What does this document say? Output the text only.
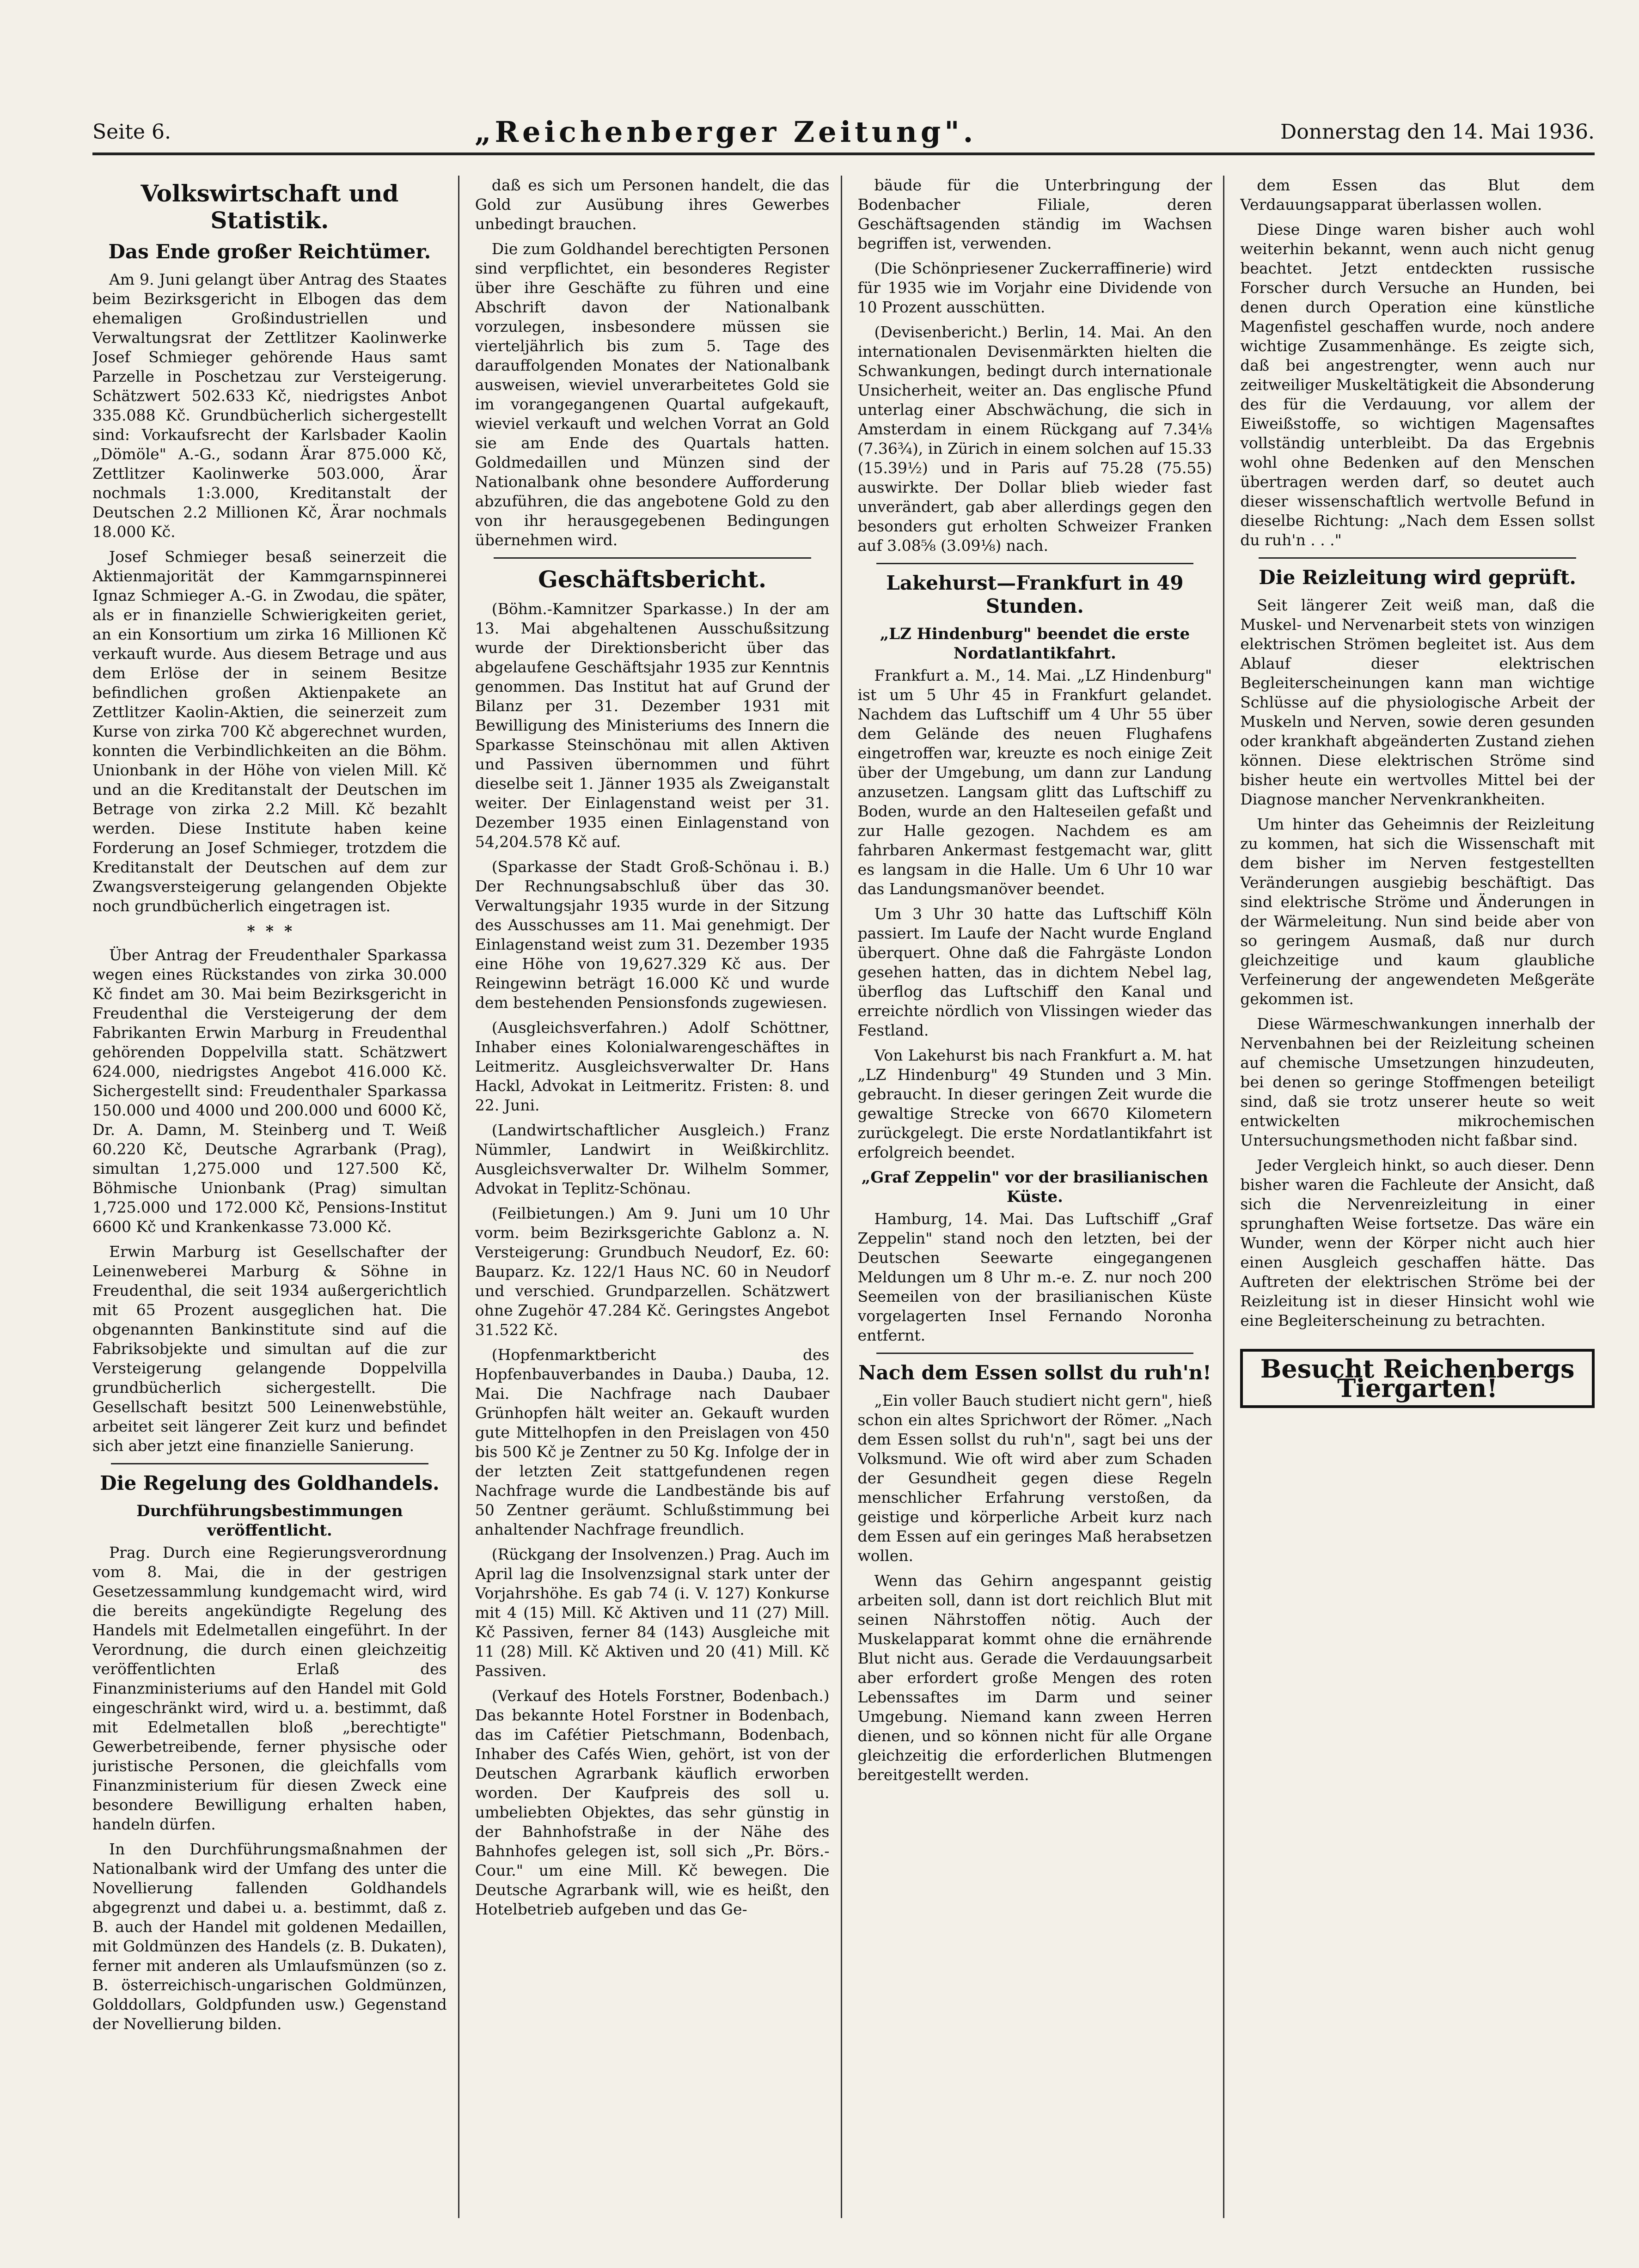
Seite 6.	„Reichenberger Zeitung".	Donnerstag den 14. Mai 1936.
Volkswirtschaft und Statistik.
Das Ende großer Reichtümer.

Am 9. Juni gelangt über Antrag des Staates beim Bezirksgericht in Elbogen das dem ehemaligen Großindustriellen und Verwaltungsrat der Zettlitzer Kaolinwerke Josef Schmieger gehörende Haus samt Parzelle in Poschetzau zur Versteigerung. Schätzwert 502.633 Kč, niedrigstes Anbot 335.088 Kč. Grundbücherlich sichergestellt sind: Vorkaufsrecht der Karlsbader Kaolin „Dömöle" A.-G., sodann Ärar 875.000 Kč, Zettlitzer Kaolinwerke 503.000, Ärar nochmals 1:3.000, Kreditanstalt der Deutschen 2.2 Millionen Kč, Ärar nochmals 18.000 Kč.

Josef Schmieger besaß seinerzeit die Aktienmajorität der Kammgarnspinnerei Ignaz Schmieger A.-G. in Zwodau, die später, als er in finanzielle Schwierigkeiten geriet, an ein Konsortium um zirka 16 Millionen Kč verkauft wurde. Aus diesem Betrage und aus dem Erlöse der in seinem Besitze befindlichen großen Aktienpakete an Zettlitzer Kaolin-Aktien, die seinerzeit zum Kurse von zirka 700 Kč abgerechnet wurden, konnten die Verbindlichkeiten an die Böhm. Unionbank in der Höhe von vielen Mill. Kč und an die Kreditanstalt der Deutschen im Betrage von zirka 2.2 Mill. Kč bezahlt werden. Diese Institute haben keine Forderung an Josef Schmieger, trotzdem die Kreditanstalt der Deutschen auf dem zur Zwangsversteigerung gelangenden Objekte noch grundbücherlich eingetragen ist.

*  *  *

Über Antrag der Freudenthaler Sparkassa wegen eines Rückstandes von zirka 30.000 Kč findet am 30. Mai beim Bezirksgericht in Freudenthal die Versteigerung der dem Fabrikanten Erwin Marburg in Freudenthal gehörenden Doppelvilla statt. Schätzwert 624.000, niedrigstes Angebot 416.000 Kč. Sichergestellt sind: Freudenthaler Sparkassa 150.000 und 4000 und 200.000 und 6000 Kč, Dr. A. Damn, M. Steinberg und T. Weiß 60.220 Kč, Deutsche Agrarbank (Prag), simultan 1,275.000 und 127.500 Kč, Böhmische Unionbank (Prag) simultan 1,725.000 und 172.000 Kč, Pensions-Institut 6600 Kč und Krankenkasse 73.000 Kč.

Erwin Marburg ist Gesellschafter der Leinenweberei Marburg & Söhne in Freudenthal, die seit 1934 außergerichtlich mit 65 Prozent ausgeglichen hat. Die obgenannten Bankinstitute sind auf die Fabriksobjekte und simultan auf die zur Versteigerung gelangende Doppelvilla grundbücherlich sichergestellt. Die Gesellschaft besitzt 500 Leinenwebstühle, arbeitet seit längerer Zeit kurz und befindet sich aber jetzt eine finanzielle Sanierung.

Die Regelung des Goldhandels.
Durchführungsbestimmungen veröffentlicht.

Prag. Durch eine Regierungsverordnung vom 8. Mai, die in der gestrigen Gesetzessammlung kundgemacht wird, wird die bereits angekündigte Regelung des Handels mit Edelmetallen eingeführt. In der Verordnung, die durch einen gleichzeitig veröffentlichten Erlaß des Finanzministeriums auf den Handel mit Gold eingeschränkt wird, wird u. a. bestimmt, daß mit Edelmetallen bloß „berechtigte" Gewerbetreibende, ferner physische oder juristische Personen, die gleichfalls vom Finanzministerium für diesen Zweck eine besondere Bewilligung erhalten haben, handeln dürfen.

In den Durchführungsmaßnahmen der Nationalbank wird der Umfang des unter die Novellierung fallenden Goldhandels abgegrenzt und dabei u. a. bestimmt, daß z. B. auch der Handel mit goldenen Medaillen, mit Goldmünzen des Handels (z. B. Dukaten), ferner mit anderen als Umlaufsmünzen (so z. B. österreichisch-ungarischen Goldmünzen, Golddollars, Goldpfunden usw.) Gegenstand der Novellierung bilden.

daß es sich um Personen handelt, die das Gold zur Ausübung ihres Gewerbes unbedingt brauchen.

Die zum Goldhandel berechtigten Personen sind verpflichtet, ein besonderes Register über ihre Geschäfte zu führen und eine Abschrift davon der Nationalbank vorzulegen, insbesondere müssen sie vierteljährlich bis zum 5. Tage des darauffolgenden Monates der Nationalbank ausweisen, wieviel unverarbeitetes Gold sie im vorangegangenen Quartal aufgekauft, wieviel verkauft und welchen Vorrat an Gold sie am Ende des Quartals hatten. Goldmedaillen und Münzen sind der Nationalbank ohne besondere Aufforderung abzuführen, die das angebotene Gold zu den von ihr herausgegebenen Bedingungen übernehmen wird.

Geschäftsbericht.

(Böhm.-Kamnitzer Sparkasse.) In der am 13. Mai abgehaltenen Ausschußsitzung wurde der Direktionsbericht über das abgelaufene Geschäftsjahr 1935 zur Kenntnis genommen. Das Institut hat auf Grund der Bilanz per 31. Dezember 1931 mit Bewilligung des Ministeriums des Innern die Sparkasse Steinschönau mit allen Aktiven und Passiven übernommen und führt dieselbe seit 1. Jänner 1935 als Zweiganstalt weiter. Der Einlagenstand weist per 31. Dezember 1935 einen Einlagenstand von 54,204.578 Kč auf.

(Sparkasse der Stadt Groß-Schönau i. B.) Der Rechnungsabschluß über das 30. Verwaltungsjahr 1935 wurde in der Sitzung des Ausschusses am 11. Mai genehmigt. Der Einlagenstand weist zum 31. Dezember 1935 eine Höhe von 19,627.329 Kč aus. Der Reingewinn beträgt 16.000 Kč und wurde dem bestehenden Pensionsfonds zugewiesen.

(Ausgleichsverfahren.) Adolf Schöttner, Inhaber eines Kolonialwarengeschäftes in Leitmeritz. Ausgleichsverwalter Dr. Hans Hackl, Advokat in Leitmeritz. Fristen: 8. und 22. Juni.

(Landwirtschaftlicher Ausgleich.) Franz Nümmler, Landwirt in Weißkirchlitz. Ausgleichsverwalter Dr. Wilhelm Sommer, Advokat in Teplitz-Schönau.

(Feilbietungen.) Am 9. Juni um 10 Uhr vorm. beim Bezirksgerichte Gablonz a. N. Versteigerung: Grundbuch Neudorf, Ez. 60: Bauparz. Kz. 122/1 Haus NC. 60 in Neudorf und verschied. Grundparzellen. Schätzwert ohne Zugehör 47.284 Kč. Geringstes Angebot 31.522 Kč.

(Hopfenmarktbericht des Hopfenbauverbandes in Dauba.) Dauba, 12. Mai. Die Nachfrage nach Daubaer Grünhopfen hält weiter an. Gekauft wurden gute Mittelhopfen in den Preislagen von 450 bis 500 Kč je Zentner zu 50 Kg. Infolge der in der letzten Zeit stattgefundenen regen Nachfrage wurde die Landbestände bis auf 50 Zentner geräumt. Schlußstimmung bei anhaltender Nachfrage freundlich.

(Rückgang der Insolvenzen.) Prag. Auch im April lag die Insolvenzsignal stark unter der Vorjahrshöhe. Es gab 74 (i. V. 127) Konkurse mit 4 (15) Mill. Kč Aktiven und 11 (27) Mill. Kč Passiven, ferner 84 (143) Ausgleiche mit 11 (28) Mill. Kč Aktiven und 20 (41) Mill. Kč Passiven.

(Verkauf des Hotels Forstner, Bodenbach.) Das bekannte Hotel Forstner in Bodenbach, das im Cafétier Pietschmann, Bodenbach, Inhaber des Cafés Wien, gehört, ist von der Deutschen Agrarbank käuflich erworben worden. Der Kaufpreis des soll u. umbeliebten Objektes, das sehr günstig in der Bahnhofstraße in der Nähe des Bahnhofes gelegen ist, soll sich „Pr. Börs.-Cour." um eine Mill. Kč bewegen. Die Deutsche Agrarbank will, wie es heißt, den Hotelbetrieb aufgeben und das Ge-

bäude für die Unterbringung der Bodenbacher Filiale, deren Geschäftsagenden ständig im Wachsen begriffen ist, verwenden.

(Die Schönpriesener Zuckerraffinerie) wird für 1935 wie im Vorjahr eine Dividende von 10 Prozent ausschütten.

(Devisenbericht.) Berlin, 14. Mai. An den internationalen Devisenmärkten hielten die Schwankungen, bedingt durch internationale Unsicherheit, weiter an. Das englische Pfund unterlag einer Abschwächung, die sich in Amsterdam in einem Rückgang auf 7.34⅛ (7.36¾), in Zürich in einem solchen auf 15.33 (15.39½) und in Paris auf 75.28 (75.55) auswirkte. Der Dollar blieb wieder fast unverändert, gab aber allerdings gegen den besonders gut erholten Schweizer Franken auf 3.08⅝ (3.09⅛) nach.

Lakehurst—Frankfurt in 49 Stunden.
„LZ Hindenburg" beendet die erste Nordatlantikfahrt.

Frankfurt a. M., 14. Mai. „LZ Hindenburg" ist um 5 Uhr 45 in Frankfurt gelandet. Nachdem das Luftschiff um 4 Uhr 55 über dem Gelände des neuen Flughafens eingetroffen war, kreuzte es noch einige Zeit über der Umgebung, um dann zur Landung anzusetzen. Langsam glitt das Luftschiff zu Boden, wurde an den Halteseilen gefaßt und zur Halle gezogen. Nachdem es am fahrbaren Ankermast festgemacht war, glitt es langsam in die Halle. Um 6 Uhr 10 war das Landungsmanöver beendet.

Um 3 Uhr 30 hatte das Luftschiff Köln passiert. Im Laufe der Nacht wurde England überquert. Ohne daß die Fahrgäste London gesehen hatten, das in dichtem Nebel lag, überflog das Luftschiff den Kanal und erreichte nördlich von Vlissingen wieder das Festland.

Von Lakehurst bis nach Frankfurt a. M. hat „LZ Hindenburg" 49 Stunden und 3 Min. gebraucht. In dieser geringen Zeit wurde die gewaltige Strecke von 6670 Kilometern zurückgelegt. Die erste Nordatlantikfahrt ist erfolgreich beendet.

„Graf Zeppelin" vor der brasilianischen Küste.

Hamburg, 14. Mai. Das Luftschiff „Graf Zeppelin" stand noch den letzten, bei der Deutschen Seewarte eingegangenen Meldungen um 8 Uhr m.-e. Z. nur noch 200 Seemeilen von der brasilianischen Küste vorgelagerten Insel Fernando Noronha entfernt.

Nach dem Essen sollst du ruh'n!

„Ein voller Bauch studiert nicht gern", hieß schon ein altes Sprichwort der Römer. „Nach dem Essen sollst du ruh'n", sagt bei uns der Volksmund. Wie oft wird aber zum Schaden der Gesundheit gegen diese Regeln menschlicher Erfahrung verstoßen, da geistige und körperliche Arbeit kurz nach dem Essen auf ein geringes Maß herabsetzen wollen.

Wenn das Gehirn angespannt geistig arbeiten soll, dann ist dort reichlich Blut mit seinen Nährstoffen nötig. Auch der Muskelapparat kommt ohne die ernährende Blut nicht aus. Gerade die Verdauungsarbeit aber erfordert große Mengen des roten Lebenssaftes im Darm und seiner Umgebung. Niemand kann zween Herren dienen, und so können nicht für alle Organe gleichzeitig die erforderlichen Blutmengen bereitgestellt werden.

dem Essen das Blut dem Verdauungsapparat überlassen wollen.

Diese Dinge waren bisher auch wohl weiterhin bekannt, wenn auch nicht genug beachtet. Jetzt entdeckten russische Forscher durch Versuche an Hunden, bei denen durch Operation eine künstliche Magenfistel geschaffen wurde, noch andere wichtige Zusammenhänge. Es zeigte sich, daß bei angestrengter, wenn auch nur zeitweiliger Muskeltätigkeit die Absonderung des für die Verdauung, vor allem der Eiweißstoffe, so wichtigen Magensaftes vollständig unterbleibt. Da das Ergebnis wohl ohne Bedenken auf den Menschen übertragen werden darf, so deutet auch dieser wissenschaftlich wertvolle Befund in dieselbe Richtung: „Nach dem Essen sollst du ruh'n . . ."

Die Reizleitung wird geprüft.

Seit längerer Zeit weiß man, daß die Muskel- und Nervenarbeit stets von winzigen elektrischen Strömen begleitet ist. Aus dem Ablauf dieser elektrischen Begleiterscheinungen kann man wichtige Schlüsse auf die physiologische Arbeit der Muskeln und Nerven, sowie deren gesunden oder krankhaft abgeänderten Zustand ziehen können. Diese elektrischen Ströme sind bisher heute ein wertvolles Mittel bei der Diagnose mancher Nervenkrankheiten.

Um hinter das Geheimnis der Reizleitung zu kommen, hat sich die Wissenschaft mit dem bisher im Nerven festgestellten Veränderungen ausgiebig beschäftigt. Das sind elektrische Ströme und Änderungen in der Wärmeleitung. Nun sind beide aber von so geringem Ausmaß, daß nur durch gleichzeitige und kaum glaubliche Verfeinerung der angewendeten Meßgeräte gekommen ist.

Diese Wärmeschwankungen innerhalb der Nervenbahnen bei der Reizleitung scheinen auf chemische Umsetzungen hinzudeuten, bei denen so geringe Stoffmengen beteiligt sind, daß sie trotz unserer heute so weit entwickelten mikrochemischen Untersuchungsmethoden nicht faßbar sind.

Jeder Vergleich hinkt, so auch dieser. Denn bisher waren die Fachleute der Ansicht, daß sich die Nervenreizleitung in einer sprunghaften Weise fortsetze. Das wäre ein Wunder, wenn der Körper nicht auch hier einen Ausgleich geschaffen hätte. Das Auftreten der elektrischen Ströme bei der Reizleitung ist in dieser Hinsicht wohl wie eine Begleiterscheinung zu betrachten.

Besucht Reichenbergs Tiergarten!
